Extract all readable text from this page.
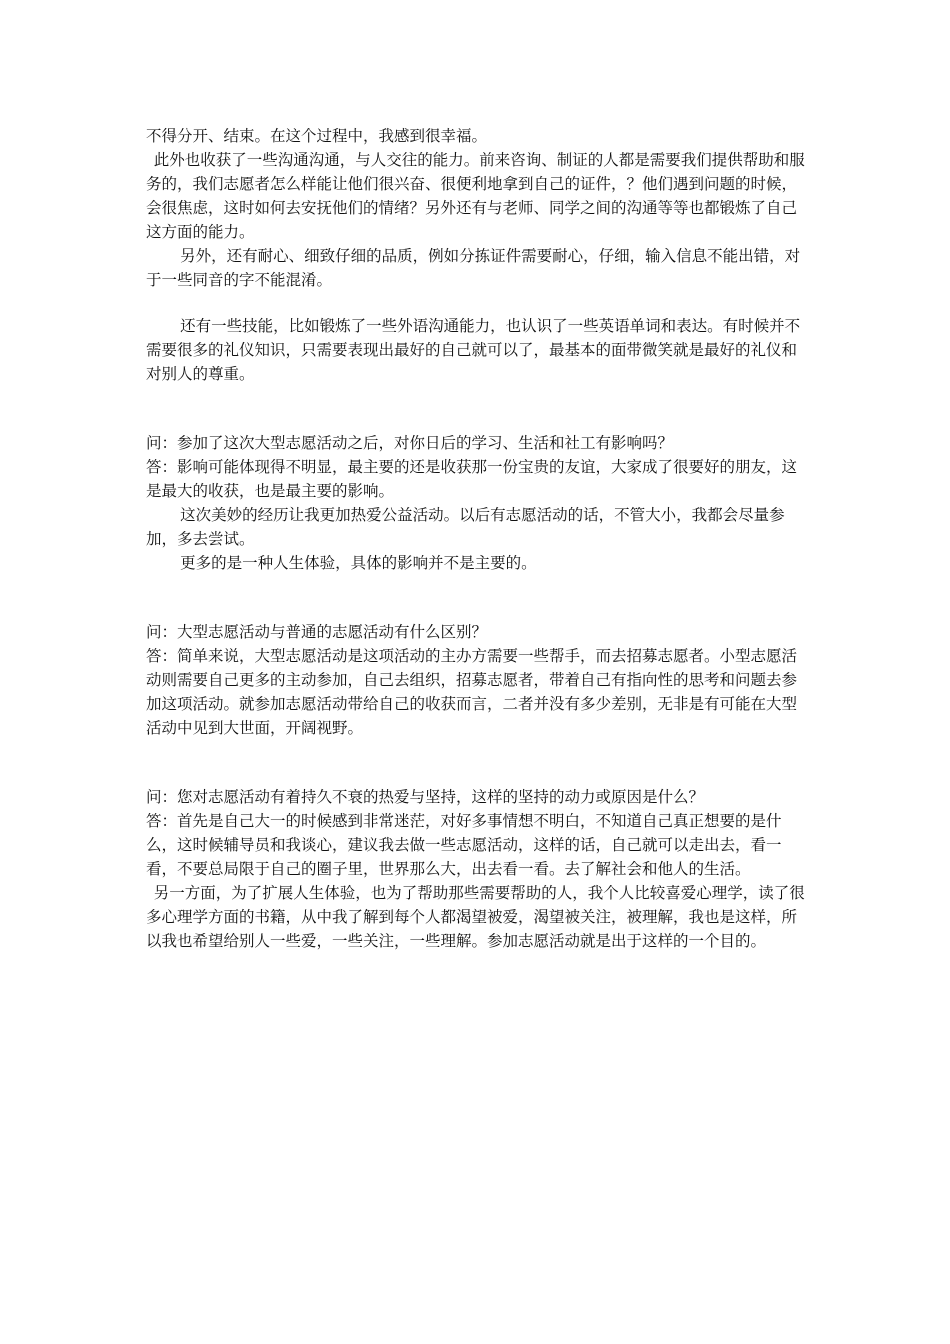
不得分开、结束。在这个过程中，我感到很幸福。

此外也收获了一些沟通沟通，与人交往的能力。前来咨询、制证的人都是需要我们提供帮助和服务的，我们志愿者怎么样能让他们很兴奋、很便利地拿到自己的证件，？他们遇到问题的时候，会很焦虑，这时如何去安抚他们的情绪？另外还有与老师、同学之间的沟通等等也都锻炼了自己这方面的能力。

另外，还有耐心、细致仔细的品质，例如分拣证件需要耐心，仔细，输入信息不能出错，对于一些同音的字不能混淆。

还有一些技能，比如锻炼了一些外语沟通能力，也认识了一些英语单词和表达。有时候并不需要很多的礼仪知识，只需要表现出最好的自己就可以了，最基本的面带微笑就是最好的礼仪和对别人的尊重。

问：参加了这次大型志愿活动之后，对你日后的学习、生活和社工有影响吗？

答：影响可能体现得不明显，最主要的还是收获那一份宝贵的友谊，大家成了很要好的朋友，这是最大的收获，也是最主要的影响。

这次美妙的经历让我更加热爱公益活动。以后有志愿活动的话，不管大小，我都会尽量参加，多去尝试。

更多的是一种人生体验，具体的影响并不是主要的。

问：大型志愿活动与普通的志愿活动有什么区别？

答：简单来说，大型志愿活动是这项活动的主办方需要一些帮手，而去招募志愿者。小型志愿活动则需要自己更多的主动参加，自己去组织，招募志愿者，带着自己有指向性的思考和问题去参加这项活动。就参加志愿活动带给自己的收获而言，二者并没有多少差别，无非是有可能在大型活动中见到大世面，开阔视野。

问：您对志愿活动有着持久不衰的热爱与坚持，这样的坚持的动力或原因是什么？

答：首先是自己大一的时候感到非常迷茫，对好多事情想不明白，不知道自己真正想要的是什么，这时候辅导员和我谈心，建议我去做一些志愿活动，这样的话，自己就可以走出去，看一看，不要总局限于自己的圈子里，世界那么大，出去看一看。去了解社会和他人的生活。

另一方面，为了扩展人生体验，也为了帮助那些需要帮助的人，我个人比较喜爱心理学，读了很多心理学方面的书籍，从中我了解到每个人都渴望被爱，渴望被关注，被理解，我也是这样，所以我也希望给别人一些爱，一些关注，一些理解。参加志愿活动就是出于这样的一个目的。
